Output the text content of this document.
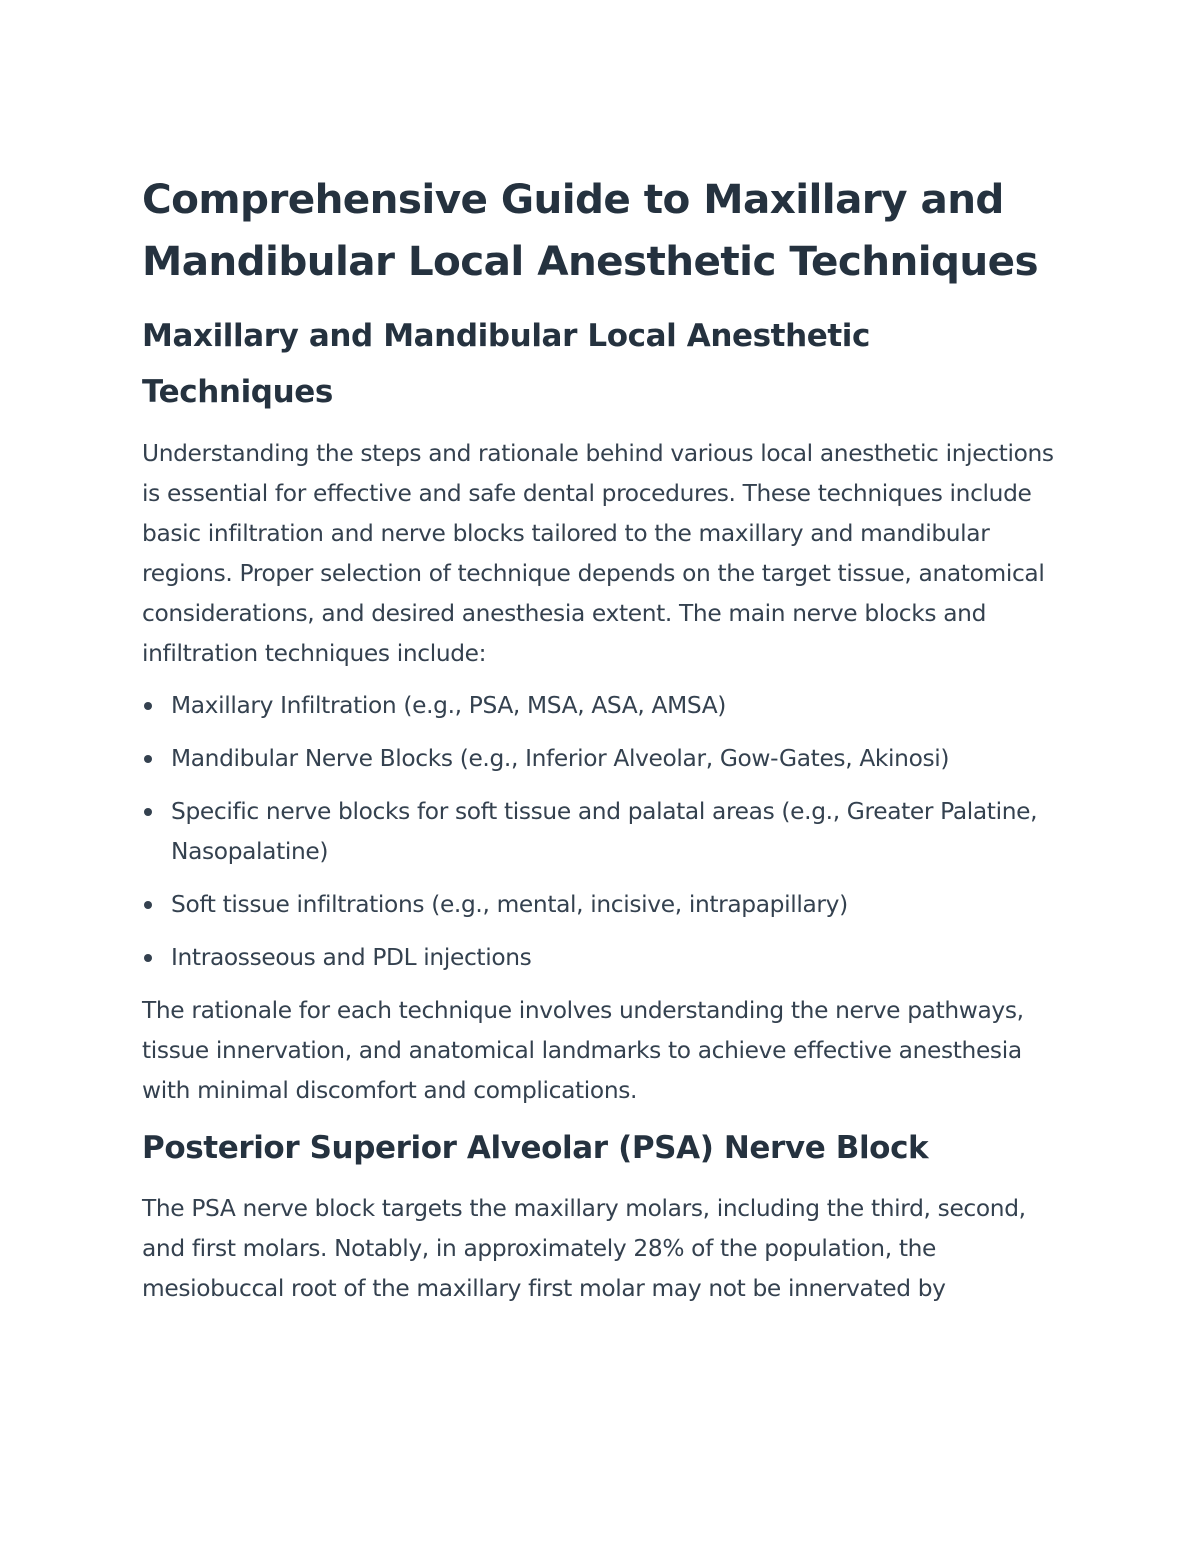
Comprehensive Guide to Maxillary and Mandibular Local Anesthetic Techniques
Maxillary and Mandibular Local Anesthetic Techniques

Understanding the steps and rationale behind various local anesthetic injections is essential for effective and safe dental procedures. These techniques include basic infiltration and nerve blocks tailored to the maxillary and mandibular regions. Proper selection of technique depends on the target tissue, anatomical considerations, and desired anesthesia extent. The main nerve blocks and infiltration techniques include:

Maxillary Infiltration (e.g., PSA, MSA, ASA, AMSA)
Mandibular Nerve Blocks (e.g., Inferior Alveolar, Gow-Gates, Akinosi)
Specific nerve blocks for soft tissue and palatal areas (e.g., Greater Palatine, Nasopalatine)
Soft tissue infiltrations (e.g., mental, incisive, intrapapillary)
Intraosseous and PDL injections

The rationale for each technique involves understanding the nerve pathways, tissue innervation, and anatomical landmarks to achieve effective anesthesia with minimal discomfort and complications.

Posterior Superior Alveolar (PSA) Nerve Block

The PSA nerve block targets the maxillary molars, including the third, second, and first molars. Notably, in approximately 28% of the population, the mesiobuccal root of the maxillary first molar may not be innervated by
